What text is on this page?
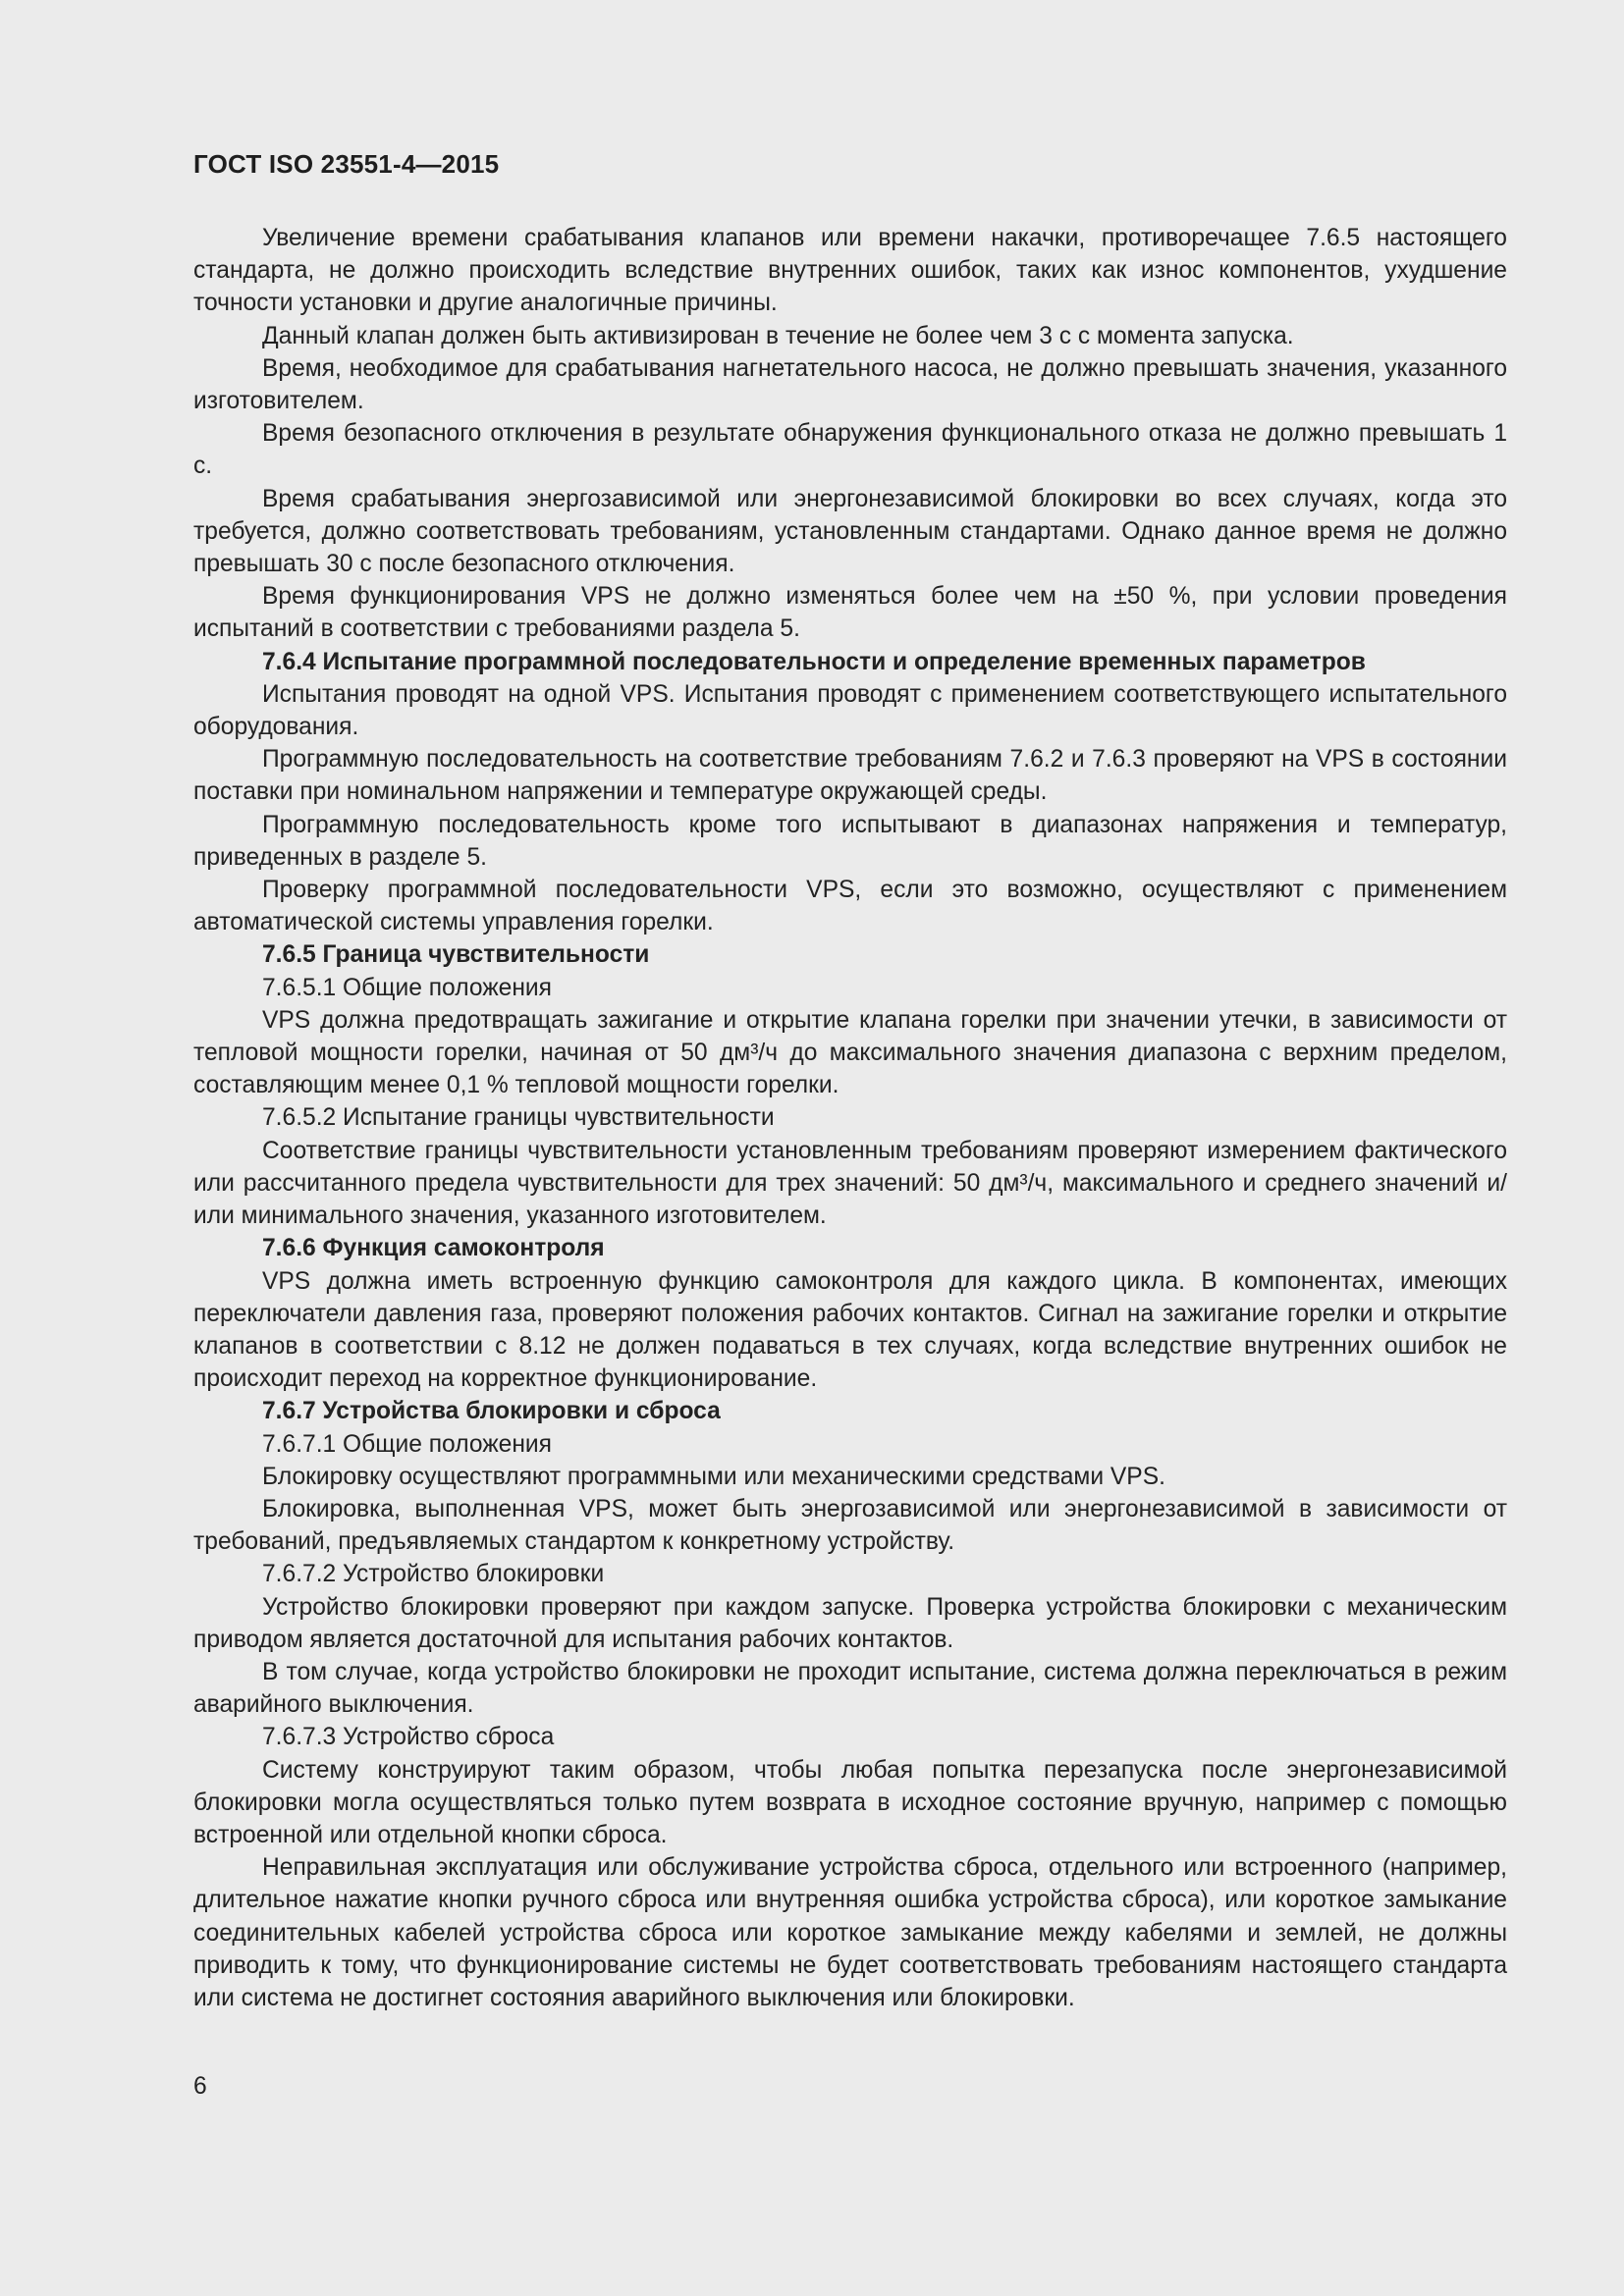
ГОСТ ISO 23551-4—2015

Увеличение времени срабатывания клапанов или времени накачки, противоречащее 7.6.5 настоящего стандарта, не должно происходить вследствие внутренних ошибок, таких как износ компонентов, ухудшение точности установки и другие аналогичные причины.

Данный клапан должен быть активизирован в течение не более чем 3 с с момента запуска.

Время, необходимое для срабатывания нагнетательного насоса, не должно превышать значения, указанного изготовителем.

Время безопасного отключения в результате обнаружения функционального отказа не должно превышать 1 с.

Время срабатывания энергозависимой или энергонезависимой блокировки во всех случаях, когда это требуется, должно соответствовать требованиям, установленным стандартами. Однако данное время не должно превышать 30 с после безопасного отключения.

Время функционирования VPS не должно изменяться более чем на ±50 %, при условии проведения испытаний в соответствии с требованиями раздела 5.

7.6.4 Испытание программной последовательности и определение временных параметров

Испытания проводят на одной VPS. Испытания проводят с применением соответствующего испытательного оборудования.

Программную последовательность на соответствие требованиям 7.6.2 и 7.6.3 проверяют на VPS в состоянии поставки при номинальном напряжении и температуре окружающей среды.

Программную последовательность кроме того испытывают в диапазонах напряжения и температур, приведенных в разделе 5.

Проверку программной последовательности VPS, если это возможно, осуществляют с применением автоматической системы управления горелки.

7.6.5 Граница чувствительности

7.6.5.1 Общие положения

VPS должна предотвращать зажигание и открытие клапана горелки при значении утечки, в зависимости от тепловой мощности горелки, начиная от 50 дм³/ч до максимального значения диапазона с верхним пределом, составляющим менее 0,1 % тепловой мощности горелки.

7.6.5.2 Испытание границы чувствительности

Соответствие границы чувствительности установленным требованиям проверяют измерением фактического или рассчитанного предела чувствительности для трех значений: 50 дм³/ч, максимального и среднего значений и/или минимального значения, указанного изготовителем.

7.6.6 Функция самоконтроля

VPS должна иметь встроенную функцию самоконтроля для каждого цикла. В компонентах, имеющих переключатели давления газа, проверяют положения рабочих контактов. Сигнал на зажигание горелки и открытие клапанов в соответствии с 8.12 не должен подаваться в тех случаях, когда вследствие внутренних ошибок не происходит переход на корректное функционирование.

7.6.7 Устройства блокировки и сброса

7.6.7.1 Общие положения

Блокировку осуществляют программными или механическими средствами VPS.

Блокировка, выполненная VPS, может быть энергозависимой или энергонезависимой в зависимости от требований, предъявляемых стандартом к конкретному устройству.

7.6.7.2 Устройство блокировки

Устройство блокировки проверяют при каждом запуске. Проверка устройства блокировки с механическим приводом является достаточной для испытания рабочих контактов.

В том случае, когда устройство блокировки не проходит испытание, система должна переключаться в режим аварийного выключения.

7.6.7.3 Устройство сброса

Систему конструируют таким образом, чтобы любая попытка перезапуска после энергонезависимой блокировки могла осуществляться только путем возврата в исходное состояние вручную, например с помощью встроенной или отдельной кнопки сброса.

Неправильная эксплуатация или обслуживание устройства сброса, отдельного или встроенного (например, длительное нажатие кнопки ручного сброса или внутренняя ошибка устройства сброса), или короткое замыкание соединительных кабелей устройства сброса или короткое замыкание между кабелями и землей, не должны приводить к тому, что функционирование системы не будет соответствовать требованиям настоящего стандарта или система не достигнет состояния аварийного выключения или блокировки.

6
